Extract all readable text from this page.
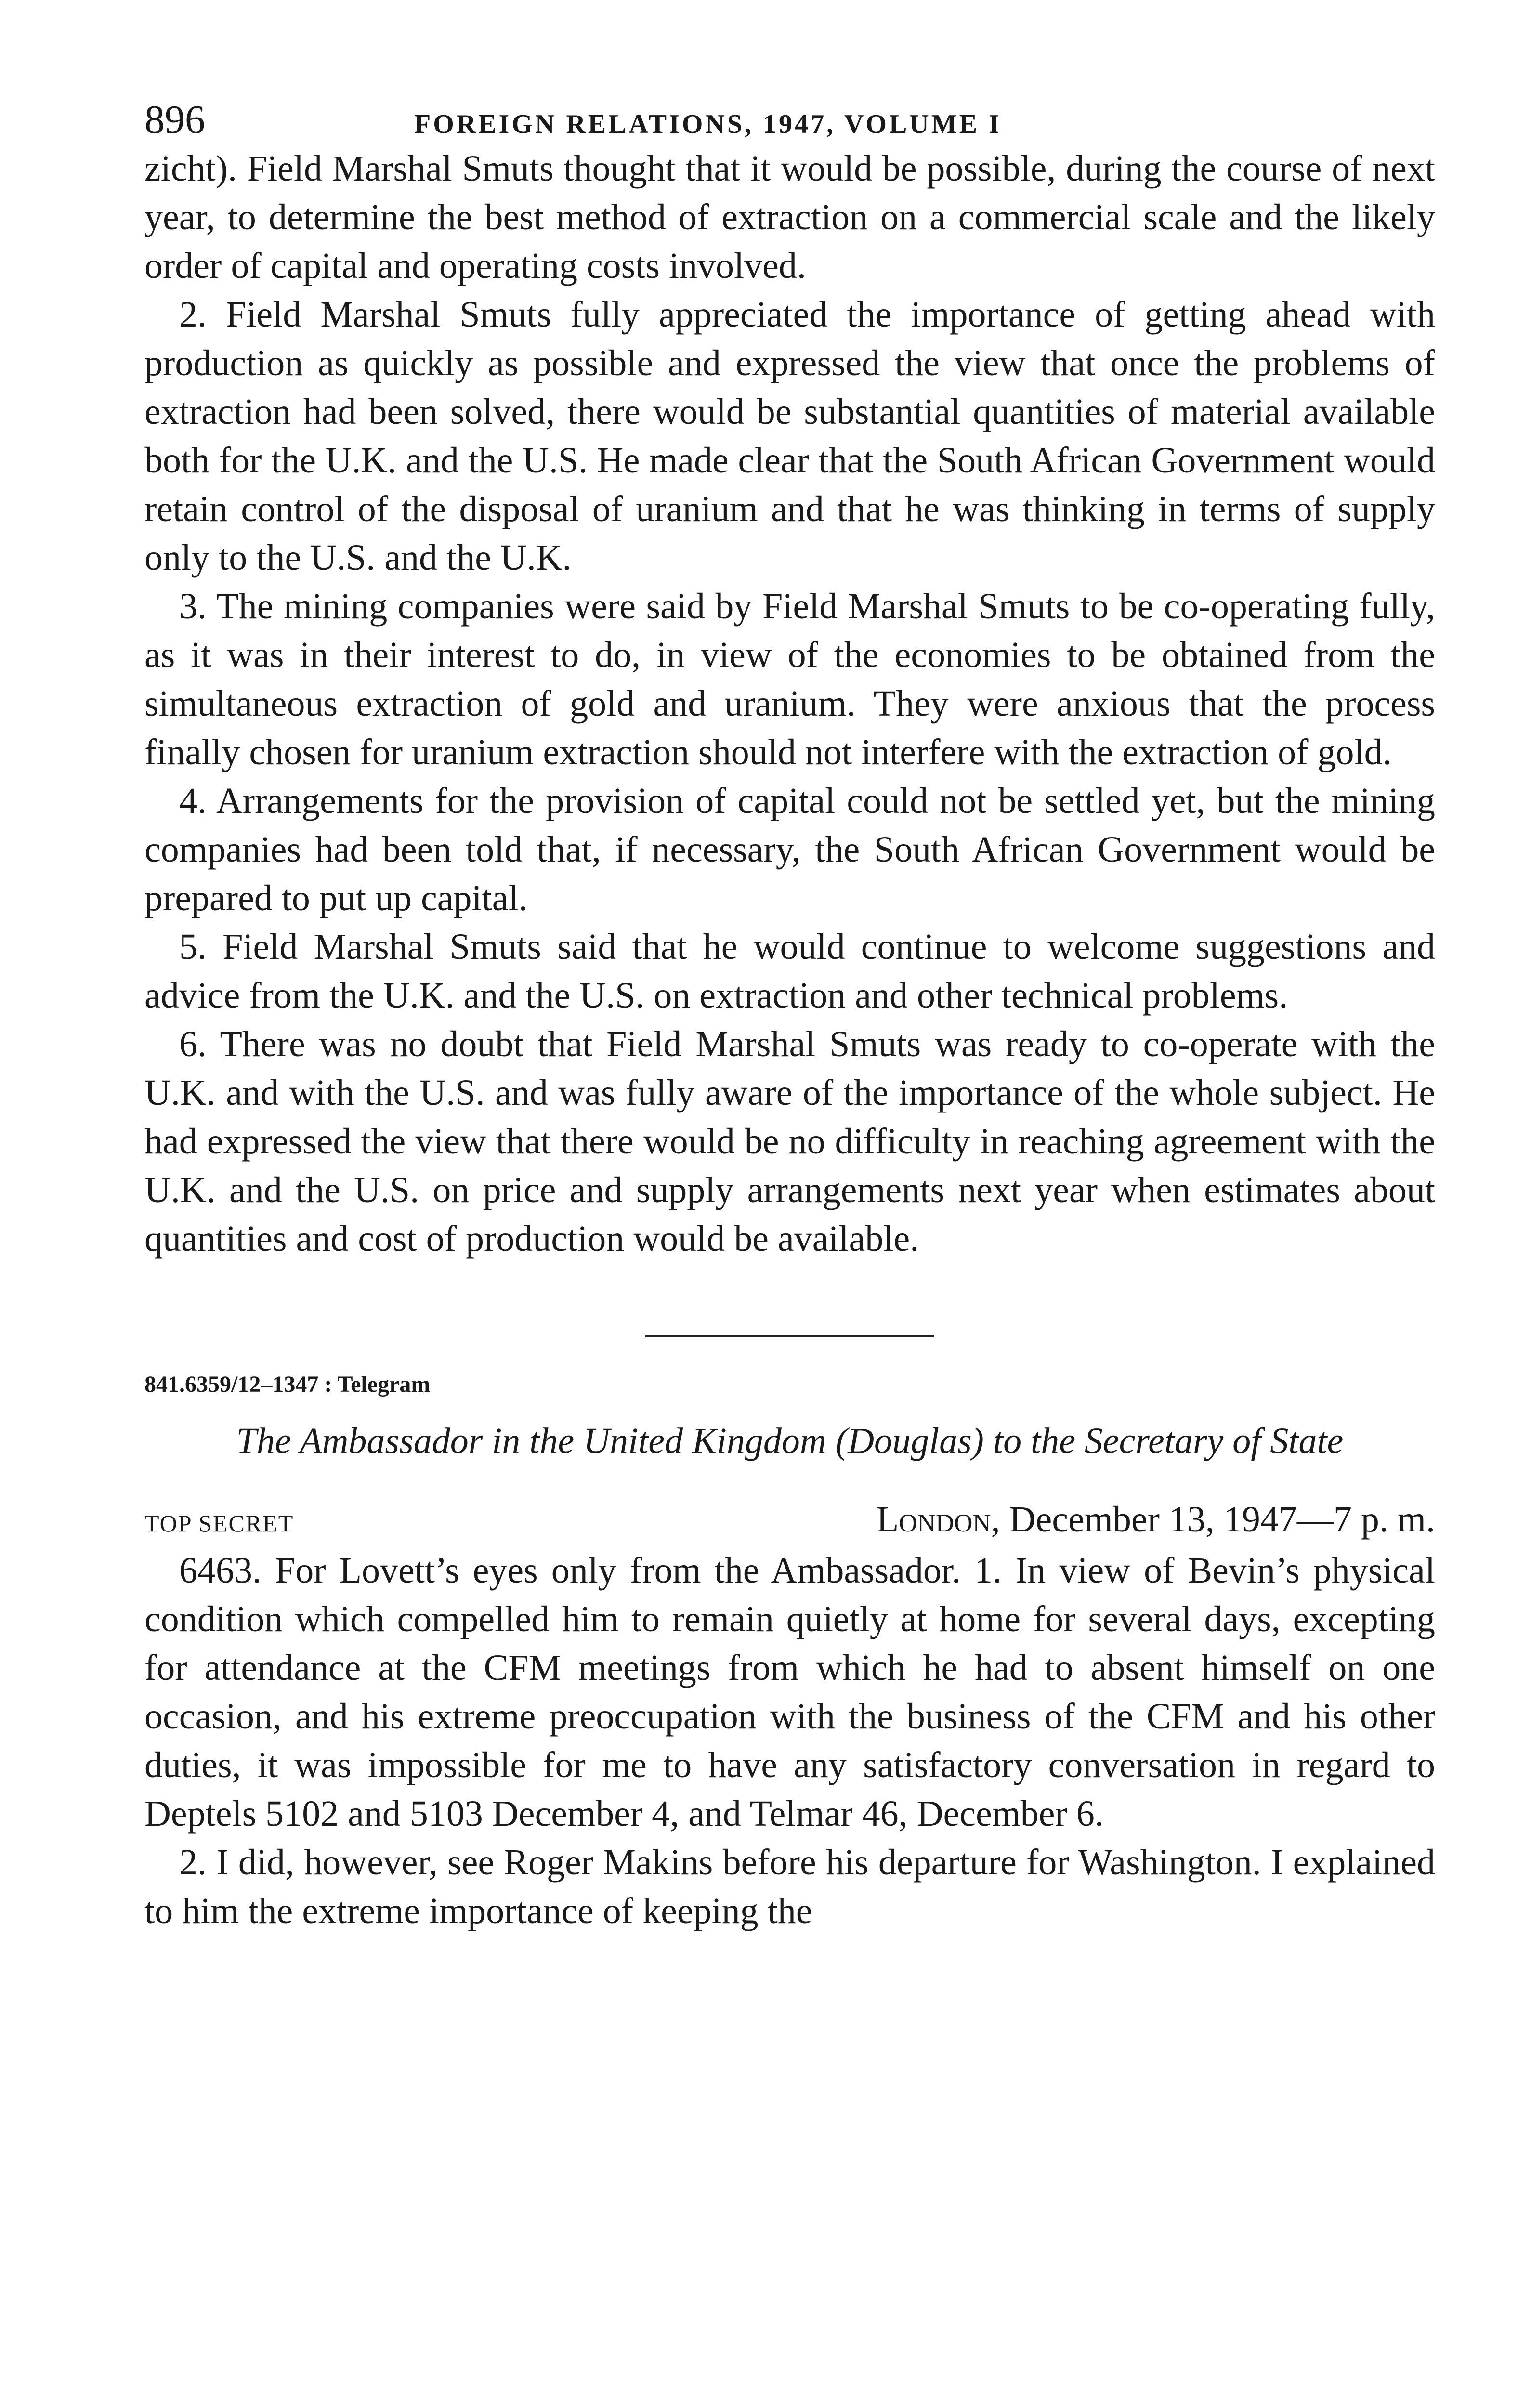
896	FOREIGN RELATIONS, 1947, VOLUME I

zicht). Field Marshal Smuts thought that it would be possible, during the course of next year, to determine the best method of extraction on a commercial scale and the likely order of capital and operating costs involved.

2. Field Marshal Smuts fully appreciated the importance of getting ahead with production as quickly as possible and expressed the view that once the problems of extraction had been solved, there would be substantial quantities of material available both for the U.K. and the U.S. He made clear that the South African Government would retain control of the disposal of uranium and that he was thinking in terms of supply only to the U.S. and the U.K.

3. The mining companies were said by Field Marshal Smuts to be co-operating fully, as it was in their interest to do, in view of the economies to be obtained from the simultaneous extraction of gold and uranium. They were anxious that the process finally chosen for uranium extraction should not interfere with the extraction of gold.

4. Arrangements for the provision of capital could not be settled yet, but the mining companies had been told that, if necessary, the South African Government would be prepared to put up capital.

5. Field Marshal Smuts said that he would continue to welcome suggestions and advice from the U.K. and the U.S. on extraction and other technical problems.

6. There was no doubt that Field Marshal Smuts was ready to co-operate with the U.K. and with the U.S. and was fully aware of the importance of the whole subject. He had expressed the view that there would be no difficulty in reaching agreement with the U.K. and the U.S. on price and supply arrangements next year when estimates about quantities and cost of production would be available.

841.6359/12–1347 : Telegram
The Ambassador in the United Kingdom (Douglas) to the Secretary of State
TOP SECRET	London, December 13, 1947—7 p. m.

6463. For Lovett’s eyes only from the Ambassador. 1. In view of Bevin’s physical condition which compelled him to remain quietly at home for several days, excepting for attendance at the CFM meetings from which he had to absent himself on one occasion, and his extreme preoccupation with the business of the CFM and his other duties, it was impossible for me to have any satisfactory conversation in regard to Deptels 5102 and 5103 December 4, and Telmar 46, December 6.

2. I did, however, see Roger Makins before his departure for Washington. I explained to him the extreme importance of keeping the
